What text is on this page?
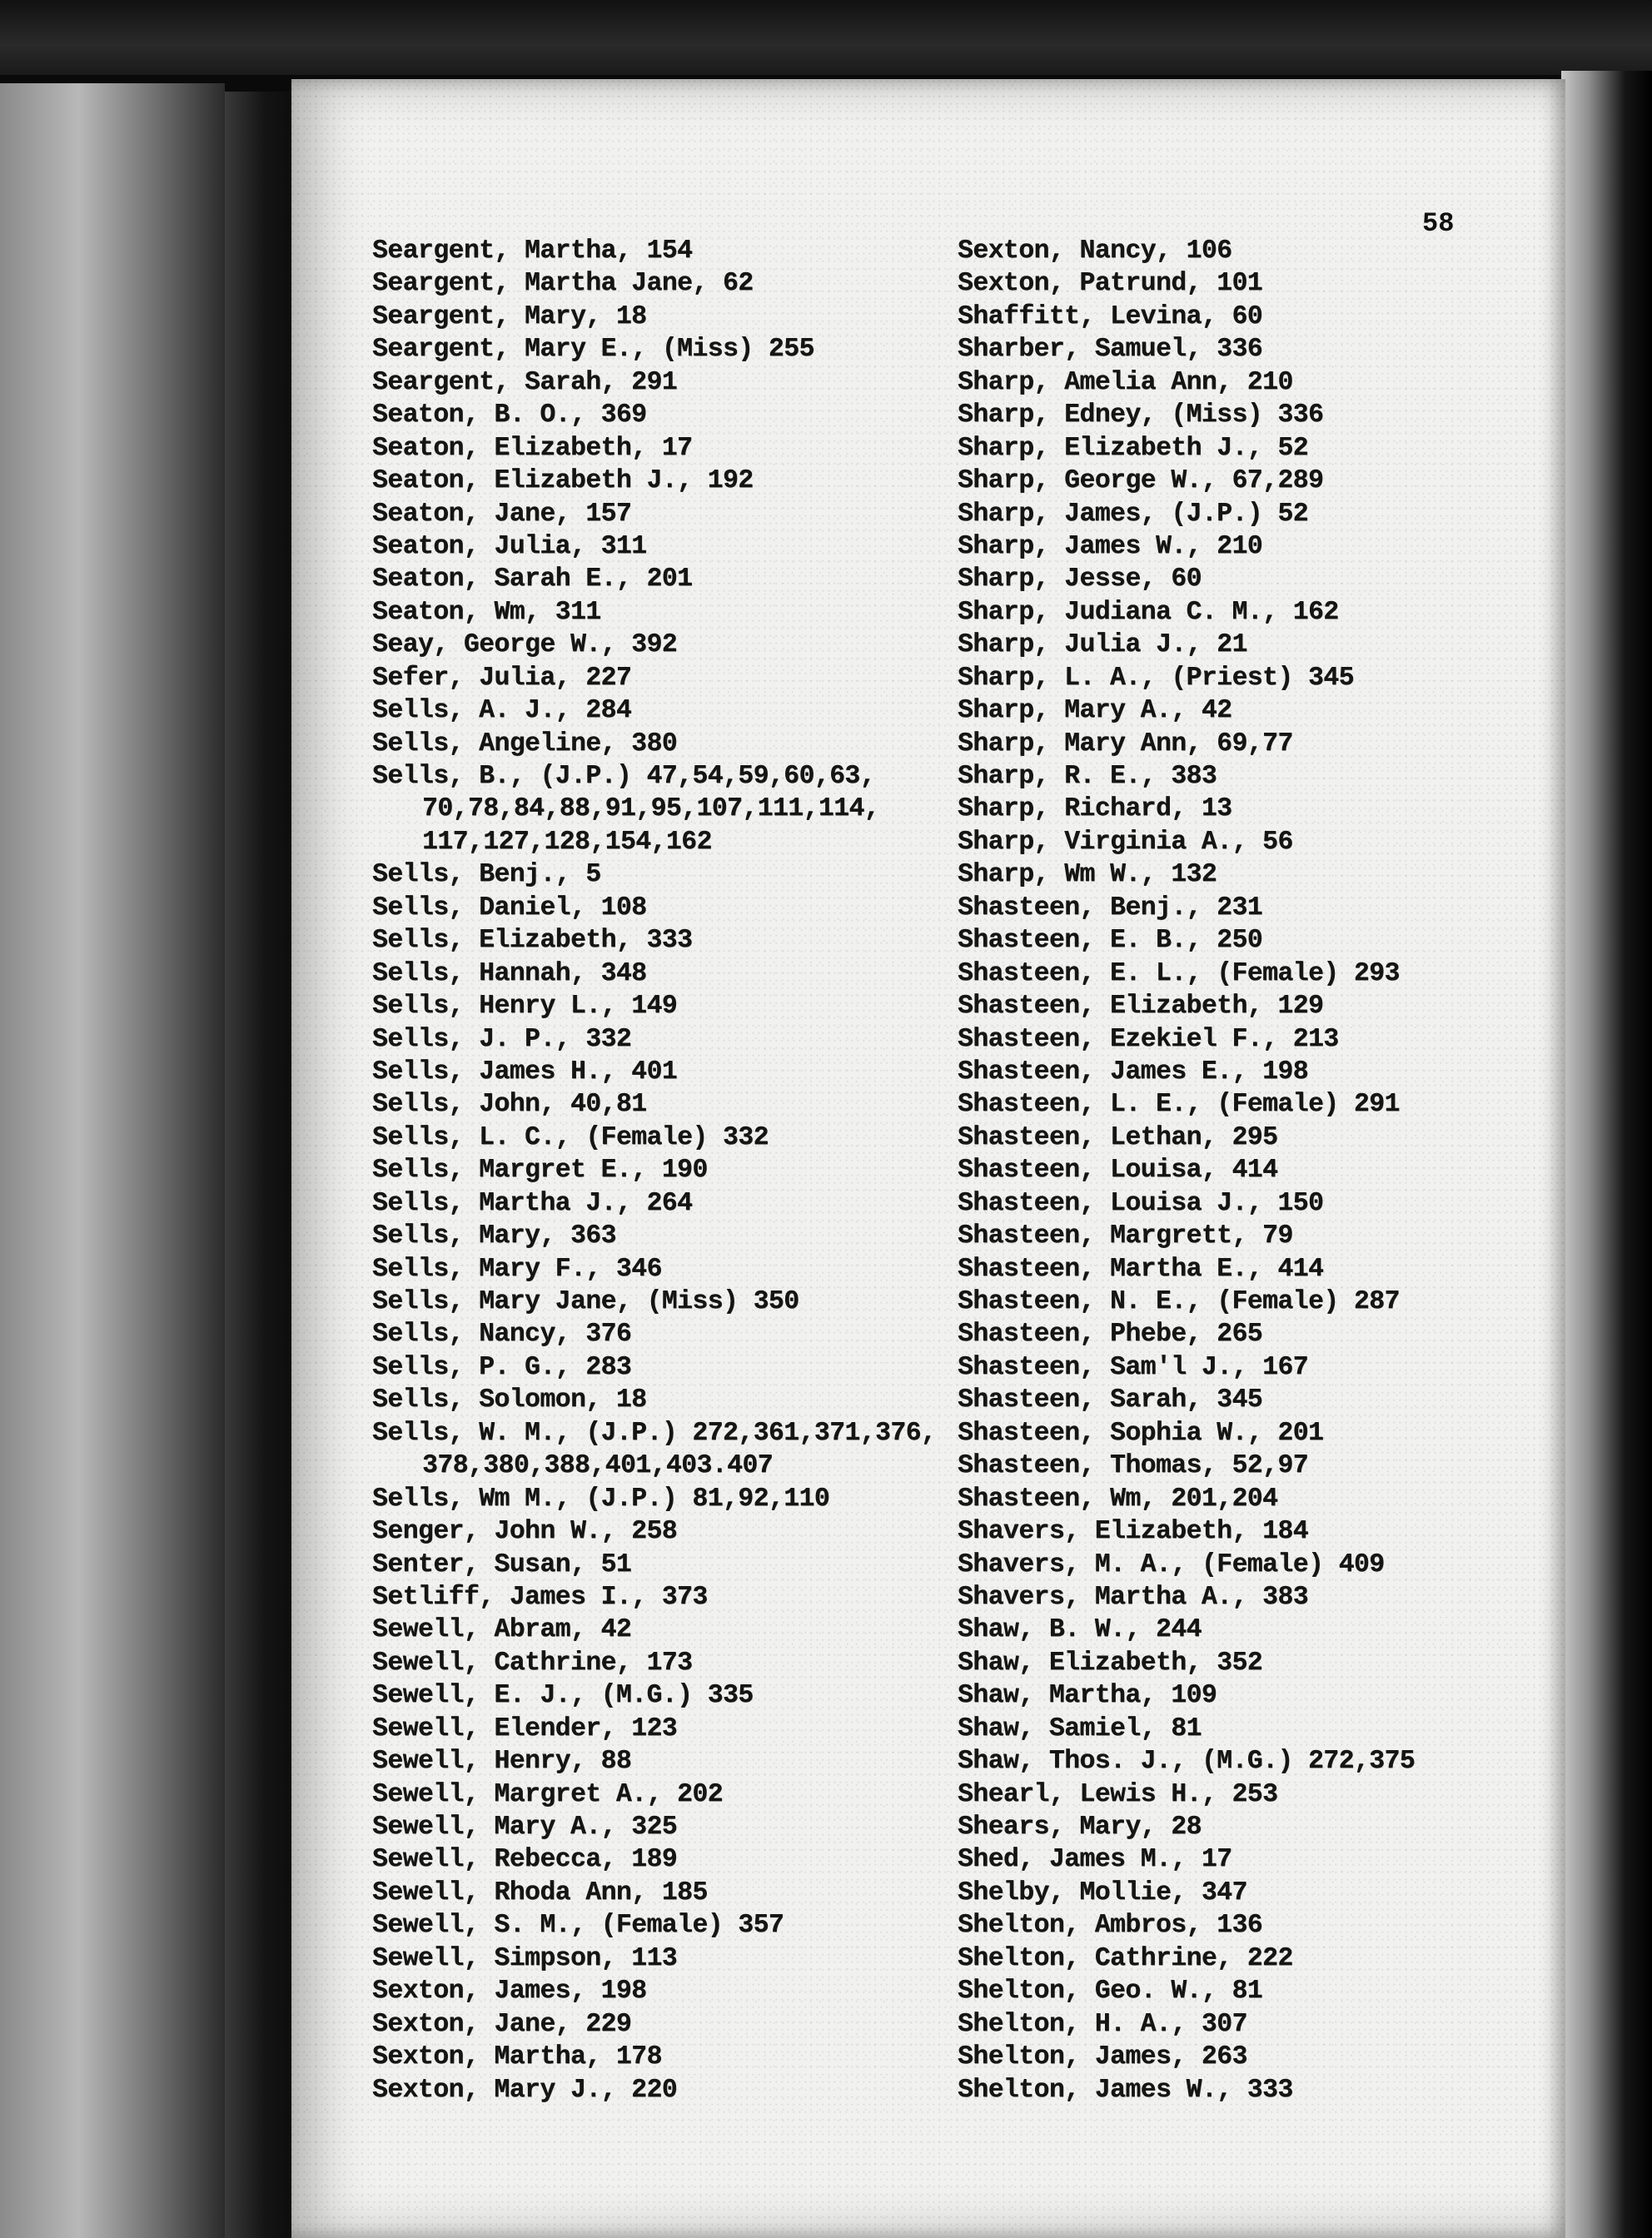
58
Seargent, Martha, 154
Seargent, Martha Jane, 62
Seargent, Mary, 18
Seargent, Mary E., (Miss) 255
Seargent, Sarah, 291
Seaton, B. O., 369
Seaton, Elizabeth, 17
Seaton, Elizabeth J., 192
Seaton, Jane, 157
Seaton, Julia, 311
Seaton, Sarah E., 201
Seaton, Wm, 311
Seay, George W., 392
Sefer, Julia, 227
Sells, A. J., 284
Sells, Angeline, 380
Sells, B., (J.P.) 47,54,59,60,63,
70,78,84,88,91,95,107,111,114,
117,127,128,154,162
Sells, Benj., 5
Sells, Daniel, 108
Sells, Elizabeth, 333
Sells, Hannah, 348
Sells, Henry L., 149
Sells, J. P., 332
Sells, James H., 401
Sells, John, 40,81
Sells, L. C., (Female) 332
Sells, Margret E., 190
Sells, Martha J., 264
Sells, Mary, 363
Sells, Mary F., 346
Sells, Mary Jane, (Miss) 350
Sells, Nancy, 376
Sells, P. G., 283
Sells, Solomon, 18
Sells, W. M., (J.P.) 272,361,371,376,
378,380,388,401,403.407
Sells, Wm M., (J.P.) 81,92,110
Senger, John W., 258
Senter, Susan, 51
Setliff, James I., 373
Sewell, Abram, 42
Sewell, Cathrine, 173
Sewell, E. J., (M.G.) 335
Sewell, Elender, 123
Sewell, Henry, 88
Sewell, Margret A., 202
Sewell, Mary A., 325
Sewell, Rebecca, 189
Sewell, Rhoda Ann, 185
Sewell, S. M., (Female) 357
Sewell, Simpson, 113
Sexton, James, 198
Sexton, Jane, 229
Sexton, Martha, 178
Sexton, Mary J., 220
Sexton, Nancy, 106
Sexton, Patrund, 101
Shaffitt, Levina, 60
Sharber, Samuel, 336
Sharp, Amelia Ann, 210
Sharp, Edney, (Miss) 336
Sharp, Elizabeth J., 52
Sharp, George W., 67,289
Sharp, James, (J.P.) 52
Sharp, James W., 210
Sharp, Jesse, 60
Sharp, Judiana C. M., 162
Sharp, Julia J., 21
Sharp, L. A., (Priest) 345
Sharp, Mary A., 42
Sharp, Mary Ann, 69,77
Sharp, R. E., 383
Sharp, Richard, 13
Sharp, Virginia A., 56
Sharp, Wm W., 132
Shasteen, Benj., 231
Shasteen, E. B., 250
Shasteen, E. L., (Female) 293
Shasteen, Elizabeth, 129
Shasteen, Ezekiel F., 213
Shasteen, James E., 198
Shasteen, L. E., (Female) 291
Shasteen, Lethan, 295
Shasteen, Louisa, 414
Shasteen, Louisa J., 150
Shasteen, Margrett, 79
Shasteen, Martha E., 414
Shasteen, N. E., (Female) 287
Shasteen, Phebe, 265
Shasteen, Sam'l J., 167
Shasteen, Sarah, 345
Shasteen, Sophia W., 201
Shasteen, Thomas, 52,97
Shasteen, Wm, 201,204
Shavers, Elizabeth, 184
Shavers, M. A., (Female) 409
Shavers, Martha A., 383
Shaw, B. W., 244
Shaw, Elizabeth, 352
Shaw, Martha, 109
Shaw, Samiel, 81
Shaw, Thos. J., (M.G.) 272,375
Shearl, Lewis H., 253
Shears, Mary, 28
Shed, James M., 17
Shelby, Mollie, 347
Shelton, Ambros, 136
Shelton, Cathrine, 222
Shelton, Geo. W., 81
Shelton, H. A., 307
Shelton, James, 263
Shelton, James W., 333
